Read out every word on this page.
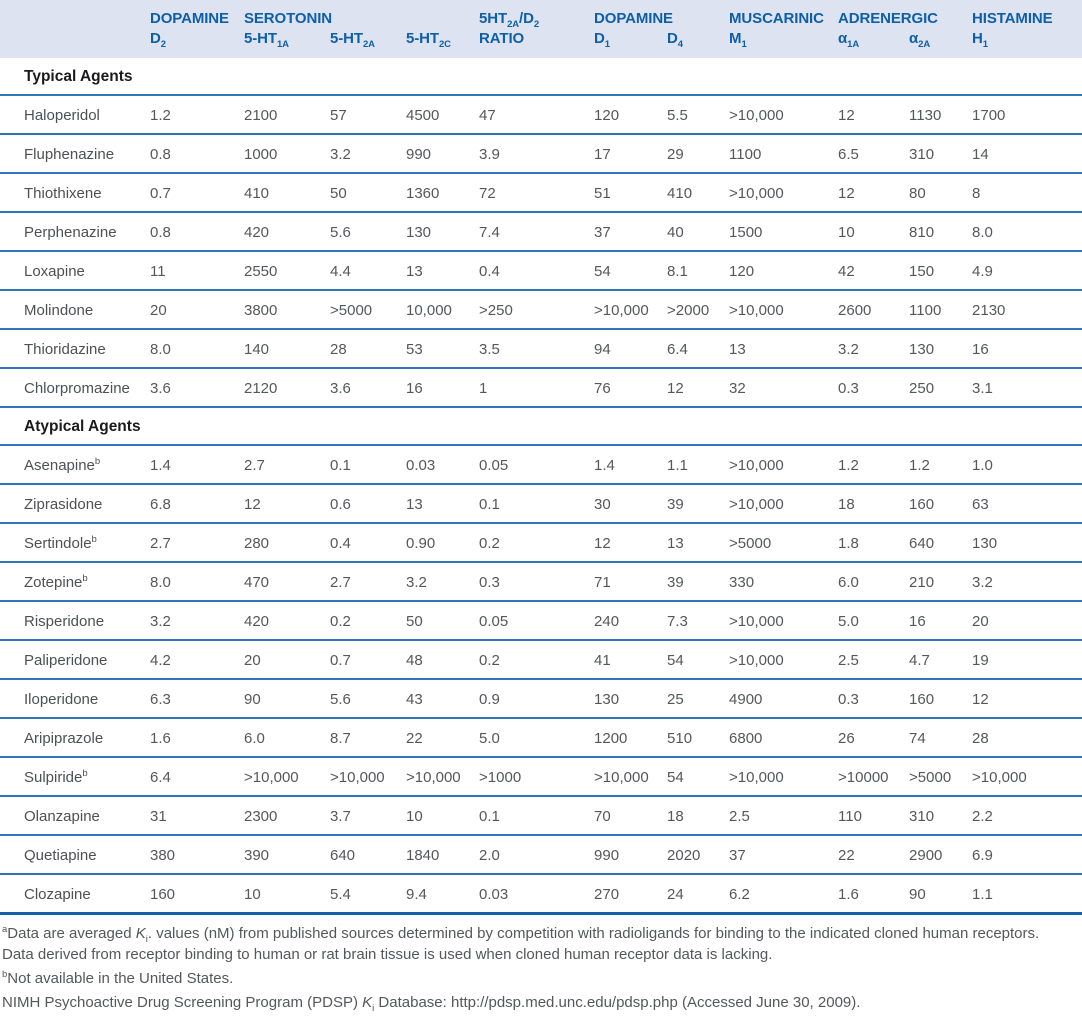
	DOPAMINE	SEROTONIN			$5HT_{2A}/D_2$	DOPAMINE		MUSCARINIC	ADRENERGIC		HISTAMINE
	$D_2$	$5-HT_{1A}$	$5-HT_{2A}$	$5-HT_{2C}$	RATIO	$D_1$	$D_4$	$M_1$	$\alpha_{1A}$	$\alpha_{2A}$	$H_1$
Typical Agents											
Haloperidol	1.2	2100	57	4500	47	120	5.5	>10,000	12	1130	1700
Fluphenazine	0.8	1000	3.2	990	3.9	17	29	1100	6.5	310	14
Thiothixene	0.7	410	50	1360	72	51	410	>10,000	12	80	8
Perphenazine	0.8	420	5.6	130	7.4	37	40	1500	10	810	8.0
Loxapine	11	2550	4.4	13	0.4	54	8.1	120	42	150	4.9
Molindone	20	3800	>5000	10,000	>250	>10,000	>2000	>10,000	2600	1100	2130
Thioridazine	8.0	140	28	53	3.5	94	6.4	13	3.2	130	16
Chlorpromazine	3.6	2120	3.6	16	1	76	12	32	0.3	250	3.1
Atypical Agents											
Asenapine$^b$	1.4	2.7	0.1	0.03	0.05	1.4	1.1	>10,000	1.2	1.2	1.0
Ziprasidone	6.8	12	0.6	13	0.1	30	39	>10,000	18	160	63
Sertindole$^b$	2.7	280	0.4	0.90	0.2	12	13	>5000	1.8	640	130
Zotepine$^b$	8.0	470	2.7	3.2	0.3	71	39	330	6.0	210	3.2
Risperidone	3.2	420	0.2	50	0.05	240	7.3	>10,000	5.0	16	20
Paliperidone	4.2	20	0.7	48	0.2	41	54	>10,000	2.5	4.7	19
Iloperidone	6.3	90	5.6	43	0.9	130	25	4900	0.3	160	12
Aripiprazole	1.6	6.0	8.7	22	5.0	1200	510	6800	26	74	28
Sulpiride$^b$	6.4	>10,000	>10,000	>10,000	>1000	>10,000	54	>10,000	>10000	>5000	>10,000
Olanzapine	31	2300	3.7	10	0.1	70	18	2.5	110	310	2.2
Quetiapine	380	390	640	1840	2.0	990	2020	37	22	2900	6.9
Clozapine	160	10	5.4	9.4	0.03	270	24	6.2	1.6	90	1.1

$^a$Data are averaged $K_i$. values (nM) from published sources determined by competition with radioligands for binding to the indicated cloned human receptors. Data derived from receptor binding to human or rat brain tissue is used when cloned human receptor data is lacking.

$^b$Not available in the United States.

NIMH Psychoactive Drug Screening Program (PDSP) $K_i$ Database: http://pdsp.med.unc.edu/pdsp.php (Accessed June 30, 2009).
